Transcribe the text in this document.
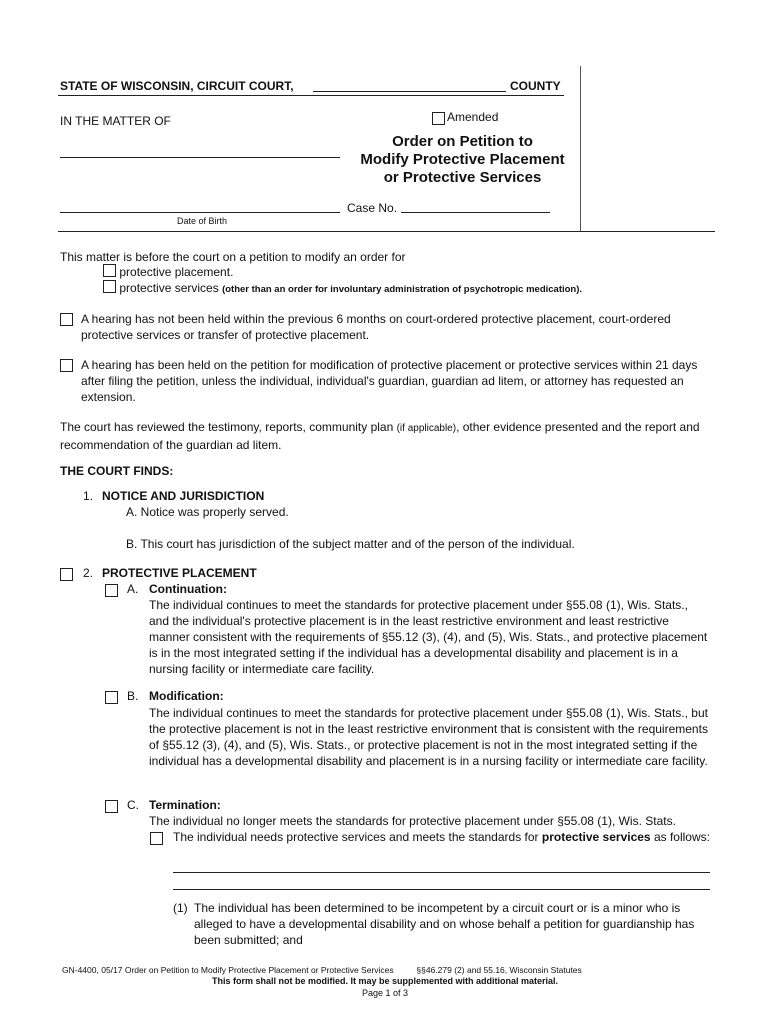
STATE OF WISCONSIN, CIRCUIT COURT,	COUNTY
IN THE MATTER OF	Amended
Order on Petition to
Modify Protective Placement
or Protective Services
Date of Birth
Case No.
This matter is before the court on a petition to modify an order for
protective placement.
protective services (other than an order for involuntary administration of psychotropic medication).
A hearing has not been held within the previous 6 months on court-ordered protective placement, court-ordered protective services or transfer of protective placement.
A hearing has been held on the petition for modification of protective placement or protective services within 21 days after filing the petition, unless the individual, individual's guardian, guardian ad litem, or attorney has requested an extension.
The court has reviewed the testimony, reports, community plan (if applicable), other evidence presented and the report and recommendation of the guardian ad litem.
THE COURT FINDS:
1. NOTICE AND JURISDICTION
A. Notice was properly served.
B. This court has jurisdiction of the subject matter and of the person of the individual.
2. PROTECTIVE PLACEMENT
A. Continuation:
The individual continues to meet the standards for protective placement under §55.08 (1), Wis. Stats., and the individual's protective placement is in the least restrictive environment and least restrictive manner consistent with the requirements of §55.12 (3), (4), and (5), Wis. Stats., and protective placement is in the most integrated setting if the individual has a developmental disability and placement is in a nursing facility or intermediate care facility.
B. Modification:
The individual continues to meet the standards for protective placement under §55.08 (1), Wis. Stats., but the protective placement is not in the least restrictive environment that is consistent with the requirements of §55.12 (3), (4), and (5), Wis. Stats., or protective placement is not in the most integrated setting if the individual has a developmental disability and placement is in a nursing facility or intermediate care facility.
C. Termination:
The individual no longer meets the standards for protective placement under §55.08 (1), Wis. Stats.
The individual needs protective services and meets the standards for protective services as follows:
(1) The individual has been determined to be incompetent by a circuit court or is a minor who is alleged to have a developmental disability and on whose behalf a petition for guardianship has been submitted; and
GN-4400, 05/17 Order on Petition to Modify Protective Placement or Protective Services	§§46.279 (2) and 55.16, Wisconsin Statutes
This form shall not be modified. It may be supplemented with additional material.
Page 1 of 3
